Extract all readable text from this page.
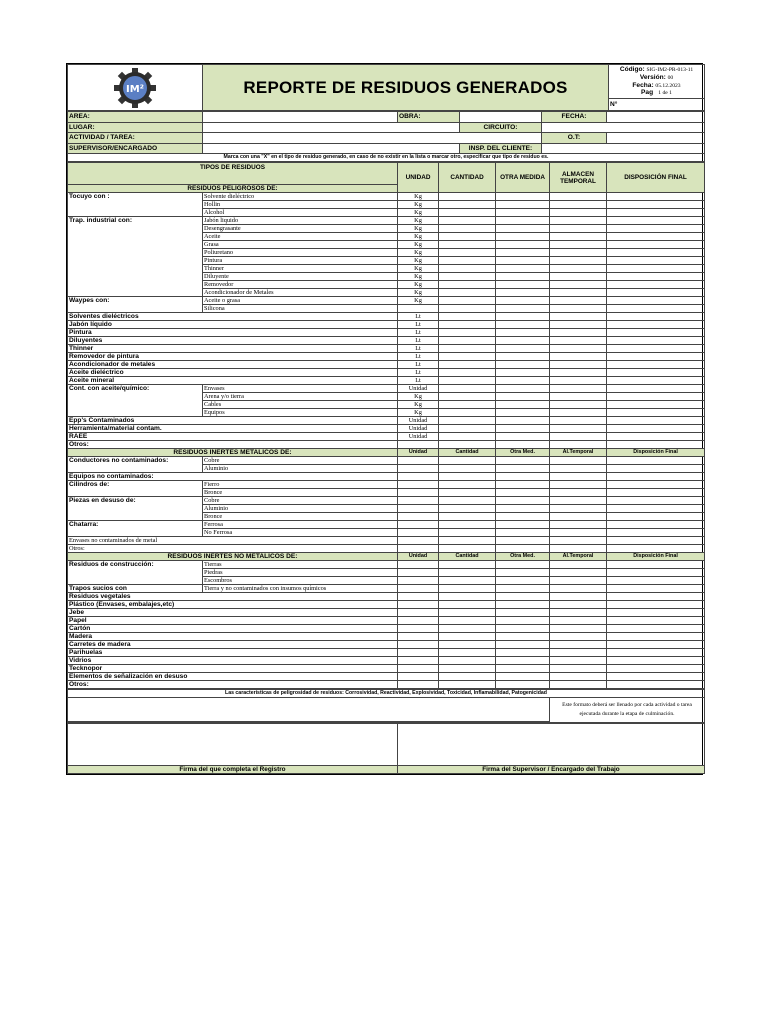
IM²	REPORTE DE RESIDUOS GENERADOS	
Código: SIG-IM2-PR-013-11
Versión: 00
Fecha: 05.12.2023
Pag 1 de 1

N°
AREA:		OBRA:		FECHA:	
LUGAR:			CIRCUITO:		
ACTIVIDAD / TAREA:				O.T:	
SUPERVISOR/ENCARGADO			INSP. DEL CLIENTE:		
Marca con una "X" en el tipo de residuo generado, en caso de no existir en la lista o marcar otro, especificar que tipo de residuo es.					
TIPOS DE RESIDUOS		UNIDAD	CANTIDAD	OTRA MEDIDA	ALMACEN TEMPORAL	DISPOSICIÓN FINAL
RESIDUOS PELIGROSOS DE:						
Tocuyo con :	Solvente dieléctrico	Kg				
	Hollin	Kg				
	Alcohol	Kg				
Trap. industrial con:	Jabón liquido	Kg				
	Desengrasante	Kg				
	Aceite	Kg				
	Grasa	Kg				
	Poliuretano	Kg				
	Pintura	Kg				
	Thinner	Kg				
	Diluyente	Kg				
	Removedor	Kg				
	Acondicionador de Metales	Kg				
Waypes con:	Aceite o grasa	Kg				
	Silicona					
Solventes dieléctricos		Lt				
Jabón líquido		Lt				
Pintura		Lt				
Diluyentes		Lt				
Thinner		Lt				
Removedor de pintura		Lt				
Acondicionador de metales		Lt				
Aceite dieléctrico		Lt				
Aceite mineral		Lt				
Cont. con aceite/químico:	Envases	Unidad				
	Arena y/o tierra	Kg				
	Cables	Kg				
	Equipos	Kg				
Epp's Contaminados		Unidad				
Herramienta/material contam.		Unidad				
RAEE		Unidad				
Otros:						
RESIDUOS INERTES METALICOS DE:		Unidad	Cantidad	Otra Med.	Al.Temporal	Disposición Final
Conductores no contaminados:	Cobre					
	Aluminio					
Equipos no contaminados:						
Cilindros de:	Fierro					
	Bronce					
Piezas en desuso de:	Cobre					
	Aluminio					
	Bronce					
Chatarra:	Ferrosa					
	No Ferrosa					
Envases no contaminados de metal						
Otros:						
RESIDUOS INERTES NO METALICOS DE:		Unidad	Cantidad	Otra Med.	Al.Temporal	Disposición Final
Residuos de construcción:	Tierras					
	Piedras					
	Escombros					
Trapos sucios con	Tierra y no contaminados con insumos químicos					
Residuos vegetales						
Plástico (Envases, embalajes,etc)						
Jebe						
Papel						
Cartón						
Madera						
Carretes de madera						
Parihuelas						
Vidrios						
Tecknopor						
Elementos de señalización en desuso						
Otros:						
Las características de peligrosidad de residuos: Corrosividad, Reactividad, Explosividad, Toxicidad, Inflamabilidad, Patogenicidad
	Este formato deberá ser llenado por cada actividad o tarea ejecutada durante la etapa de culminación.

Firma del que completa el Registro	Firma del Supervisor / Encargado del Trabajo
